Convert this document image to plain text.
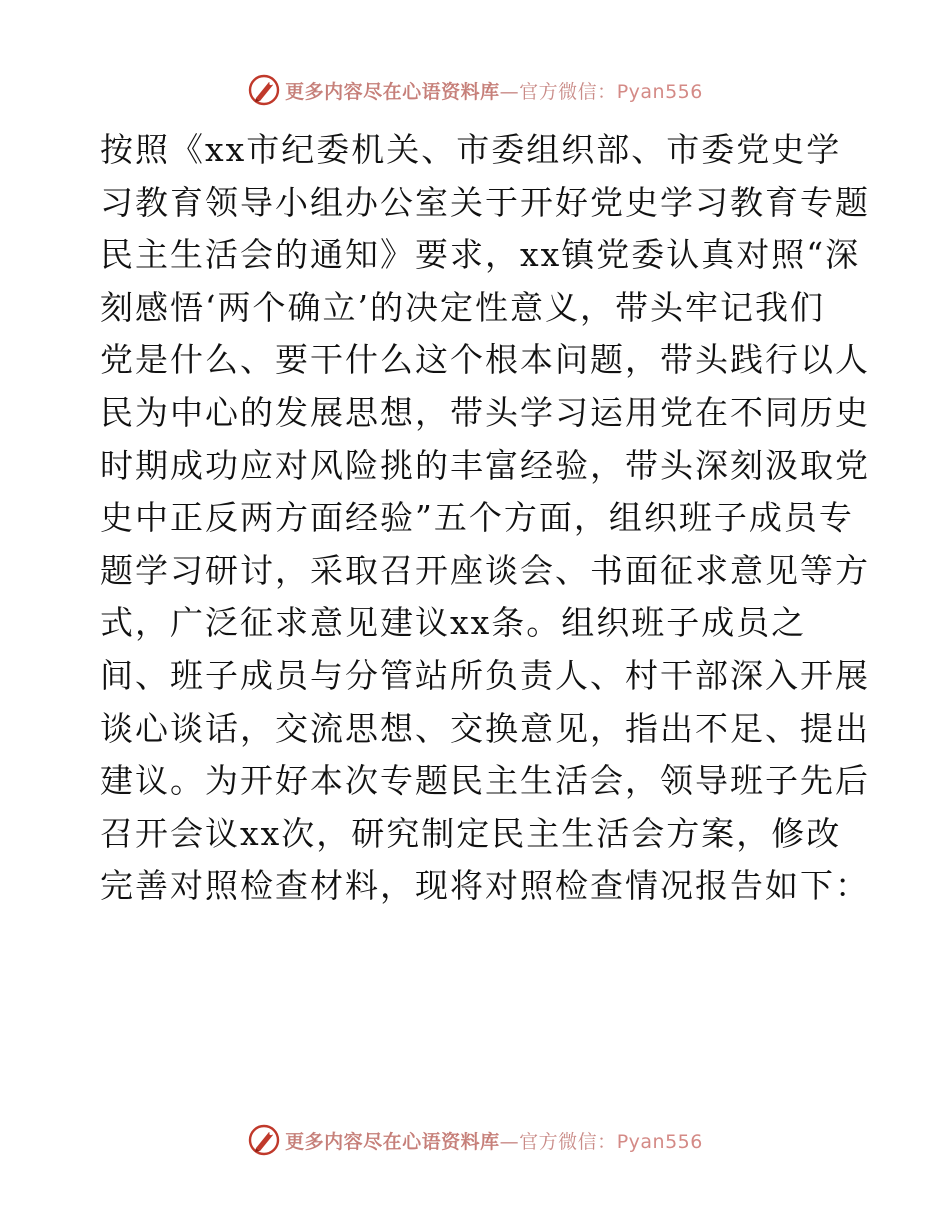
更多内容尽在心语资料库—官方微信：Pyan556
按照《xx市纪委机关、市委组织部、市委党史学
习教育领导小组办公室关于开好党史学习教育专题
民主生活会的通知》要求，xx镇党委认真对照“深
刻感悟‘两个确立’的决定性意义，带头牢记我们
党是什么、要干什么这个根本问题，带头践行以人
民为中心的发展思想，带头学习运用党在不同历史
时期成功应对风险挑的丰富经验，带头深刻汲取党
史中正反两方面经验”五个方面，组织班子成员专
题学习研讨，采取召开座谈会、书面征求意见等方
式，广泛征求意见建议xx条。组织班子成员之
间、班子成员与分管站所负责人、村干部深入开展
谈心谈话，交流思想、交换意见，指出不足、提出
建议。为开好本次专题民主生活会，领导班子先后
召开会议xx次，研究制定民主生活会方案，修改
完善对照检查材料，现将对照检查情况报告如下：
更多内容尽在心语资料库—官方微信：Pyan556
